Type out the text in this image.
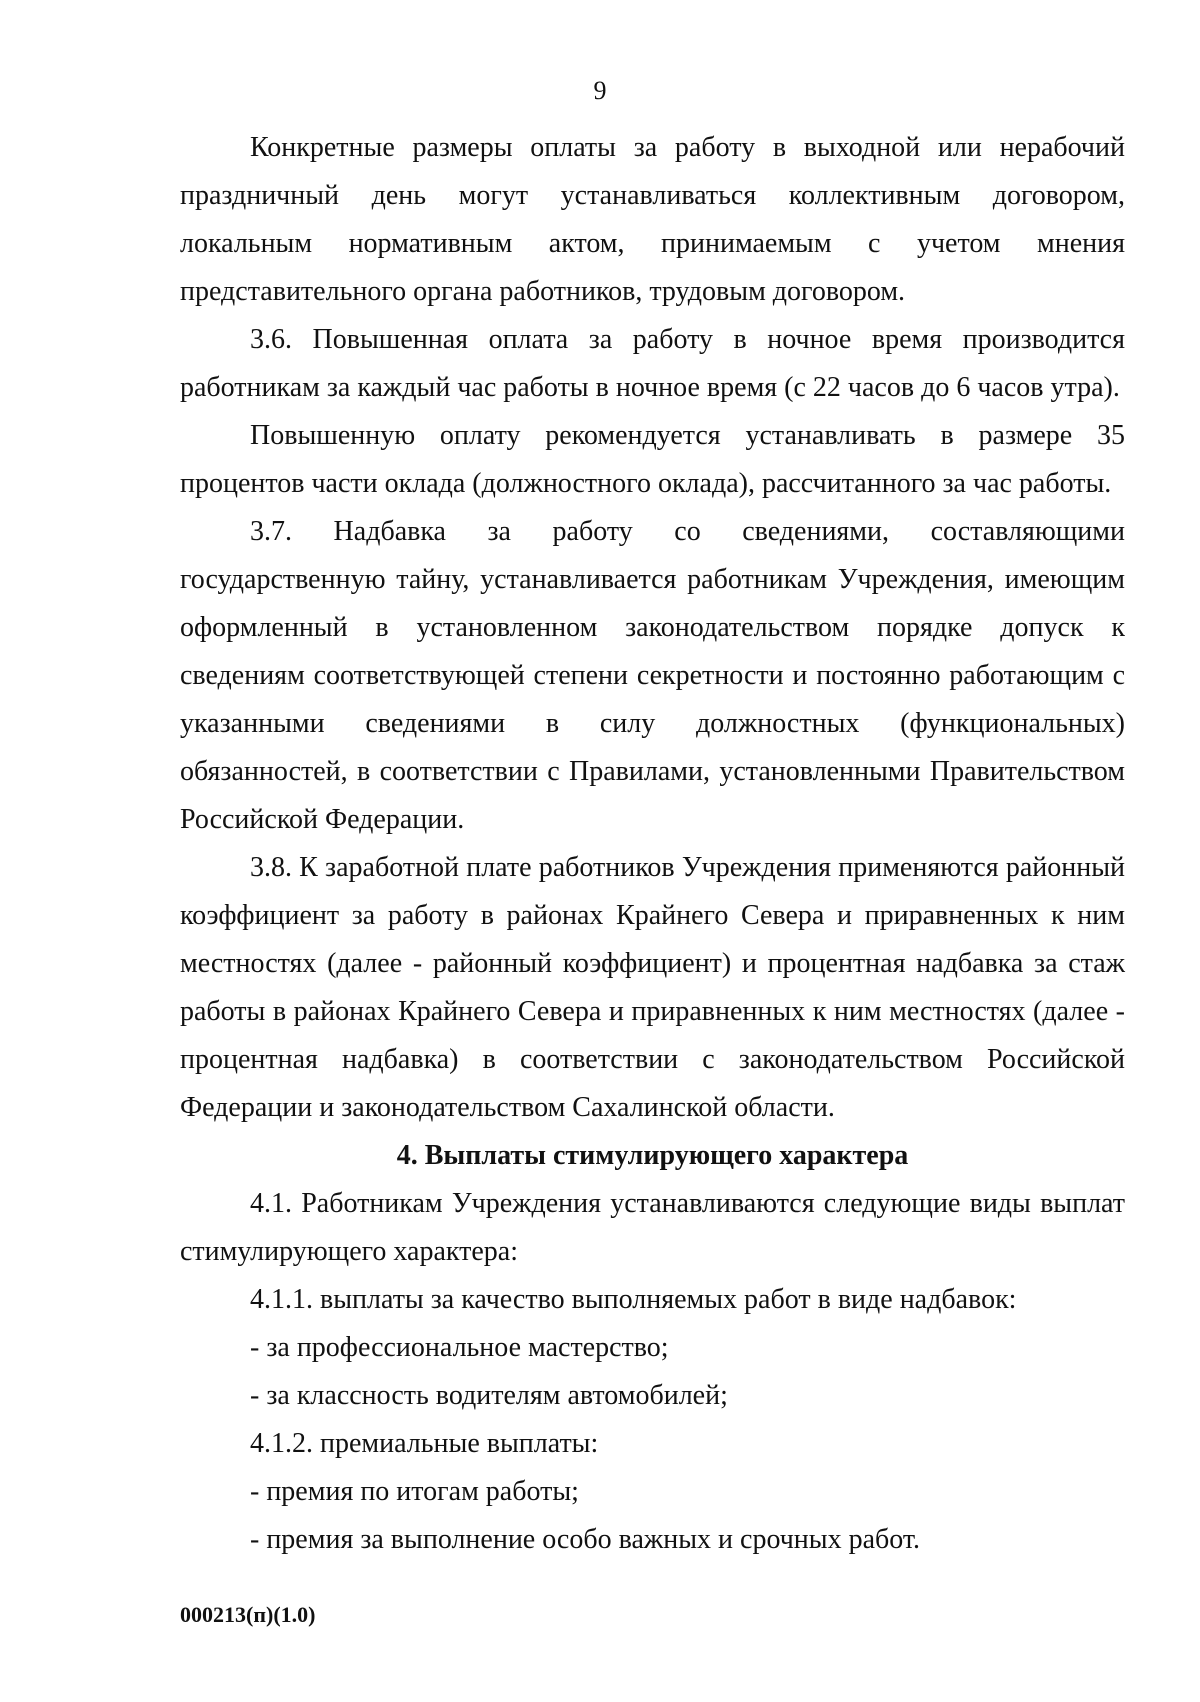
9

Конкретные размеры оплаты за работу в выходной или нерабочий праздничный день могут устанавливаться коллективным договором, локальным нормативным актом, принимаемым с учетом мнения представительного органа работников, трудовым договором.

3.6. Повышенная оплата за работу в ночное время производится работникам за каждый час работы в ночное время (с 22 часов до 6 часов утра).

Повышенную оплату рекомендуется устанавливать в размере 35 процентов части оклада (должностного оклада), рассчитанного за час работы.

3.7. Надбавка за работу со сведениями, составляющими государственную тайну, устанавливается работникам Учреждения, имеющим оформленный в установленном законодательством порядке допуск к сведениям соответствующей степени секретности и постоянно работающим с указанными сведениями в силу должностных (функциональных) обязанностей, в соответствии с Правилами, установленными Правительством Российской Федерации.

3.8. К заработной плате работников Учреждения применяются районный коэффициент за работу в районах Крайнего Севера и приравненных к ним местностях (далее - районный коэффициент) и процентная надбавка за стаж работы в районах Крайнего Севера и приравненных к ним местностях (далее - процентная надбавка) в соответствии с законодательством Российской Федерации и законодательством Сахалинской области.

4. Выплаты стимулирующего характера

4.1. Работникам Учреждения устанавливаются следующие виды выплат стимулирующего характера:

4.1.1. выплаты за качество выполняемых работ в виде надбавок:

- за профессиональное мастерство;

- за классность водителям автомобилей;

4.1.2. премиальные выплаты:

- премия по итогам работы;

- премия за выполнение особо важных и срочных работ.

000213(п)(1.0)
